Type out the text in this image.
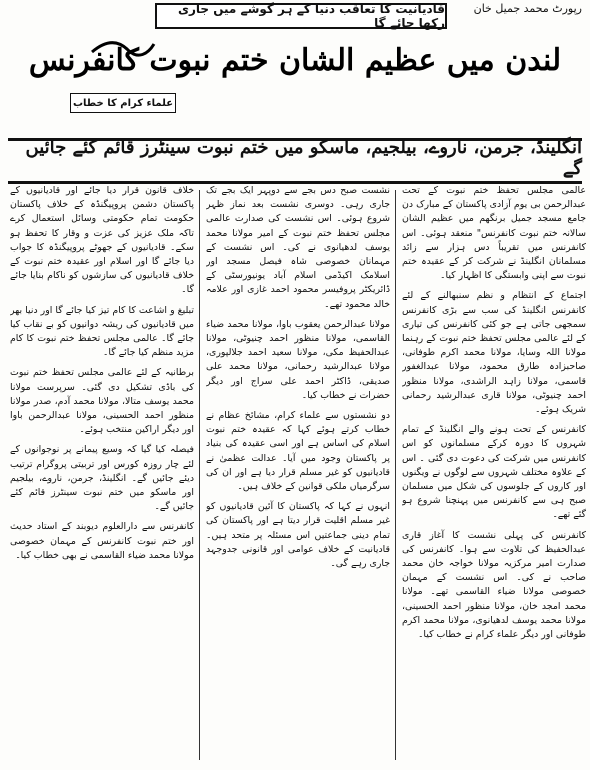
رپورٹ محمد جمیل خان
قادیانیت کا تعاقب دنیا کے ہر گوشے میں جاری رکھا جائے گا
لندن میں عظیم الشان ختم نبوت کانفرنس
علماء کرام کا خطاب
انگلینڈ، جرمن، ناروے، بیلجیم، ماسکو میں ختم نبوت سینٹرز قائم کئے جائیں گے

عالمی مجلس تحفظ ختم نبوت کے تحت عبدالرحمن بی یوم آزادی پاکستان کے مبارک دن جامع مسجد جمیل برنگھم میں عظیم الشان سالانہ ختم نبوت کانفرنس" منعقد ہوئی۔ اس کانفرنس میں تقریباً دس ہزار سے زائد مسلمانان انگلینڈ نے شرکت کر کے عقیدہ ختم نبوت سے اپنی وابستگی کا اظہار کیا۔

اجتماع کے انتظام و نظم سنبھالنے کے لئے کانفرنس انگلینڈ کی سب سے بڑی کانفرنس سمجھی جاتی ہے جو کئی کانفرنس کی تیاری کے لئے عالمی مجلس تحفظ ختم نبوت کے رہنما مولانا اللہ وسایا، مولانا محمد اکرم طوفانی، صاحبزادہ طارق محمود، مولانا عبدالغفور قاسمی، مولانا زاہد الراشدی، مولانا منظور احمد چنیوٹی، مولانا قاری عبدالرشید رحمانی شریک ہوئے۔

کانفرنس کے تحت ہونے والے انگلینڈ کے تمام شہروں کا دورہ کرکے مسلمانوں کو اس کانفرنس میں شرکت کی دعوت دی گئی ۔ اس کے علاوہ مختلف شہروں سے لوگوں نے ویگنوں اور کاروں کے جلوسوں کی شکل میں مسلمان صبح ہی سے کانفرنس میں پہنچنا شروع ہو گئے تھے۔

کانفرنس کی پہلی نشست کا آغاز قاری عبدالحفیظ کی تلاوت سے ہوا۔ کانفرنس کی صدارت امیر مرکزیہ مولانا خواجہ خان محمد صاحب نے کی۔ اس نشست کے مہمان خصوصی مولانا ضیاء القاسمی تھے۔ مولانا محمد امجد خان، مولانا منظور احمد الحسینی، مولانا محمد یوسف لدھیانوی، مولانا محمد اکرم طوفانی اور دیگر علماء کرام نے خطاب کیا۔

نشست صبح دس بجے سے دوپہر ایک بجے تک جاری رہی۔ دوسری نشست بعد نماز ظہر شروع ہوئی۔ اس نشست کی صدارت عالمی مجلس تحفظ ختم نبوت کے امیر مولانا محمد یوسف لدھیانوی نے کی۔ اس نشست کے مہمانان خصوصی شاہ فیصل مسجد اور اسلامک اکیڈمی اسلام آباد یونیورسٹی کے ڈائریکٹر پروفیسر محمود احمد غازی اور علامہ خالد محمود تھے۔

مولانا عبدالرحمن یعقوب باوا، مولانا محمد ضیاء القاسمی، مولانا منظور احمد چنیوٹی، مولانا عبدالحفیظ مکی، مولانا سعید احمد جلالپوری، مولانا عبدالرشید رحمانی، مولانا محمد علی صدیقی، ڈاکٹر احمد علی سراج اور دیگر حضرات نے خطاب کیا۔

دو نشستوں سے علماء کرام، مشائخ عظام نے خطاب کرتے ہوئے کہا کہ عقیدہ ختم نبوت اسلام کی اساس ہے اور اسی عقیدہ کی بنیاد پر پاکستان وجود میں آیا۔ عدالت عظمیٰ نے قادیانیوں کو غیر مسلم قرار دیا ہے اور ان کی سرگرمیاں ملکی قوانین کے خلاف ہیں۔

انہوں نے کہا کہ پاکستان کا آئین قادیانیوں کو غیر مسلم اقلیت قرار دیتا ہے اور پاکستان کی تمام دینی جماعتیں اس مسئلہ پر متحد ہیں۔ قادیانیت کے خلاف عوامی اور قانونی جدوجہد جاری رہے گی۔

خلاف قانون قرار دیا جائے اور قادیانیوں کے پاکستان دشمن پروپیگنڈہ کے خلاف پاکستان حکومت تمام حکومتی وسائل استعمال کرے تاکہ ملک عزیز کی عزت و وقار کا تحفظ ہو سکے۔ قادیانیوں کے جھوٹے پروپیگنڈہ کا جواب دیا جائے گا اور اسلام اور عقیدہ ختم نبوت کے خلاف قادیانیوں کی سازشوں کو ناکام بنایا جائے گا۔

تبلیغ و اشاعت کا کام تیز کیا جائے گا اور دنیا بھر میں قادیانیوں کی ریشہ دوانیوں کو بے نقاب کیا جائے گا۔ عالمی مجلس تحفظ ختم نبوت کا کام مزید منظم کیا جائے گا۔

برطانیہ کے لئے عالمی مجلس تحفظ ختم نبوت کی باڈی تشکیل دی گئی۔ سرپرست مولانا محمد یوسف متالا، مولانا محمد آدم، صدر مولانا منظور احمد الحسینی، مولانا عبدالرحمن باوا اور دیگر اراکین منتخب ہوئے۔

فیصلہ کیا گیا کہ وسیع پیمانے پر نوجوانوں کے لئے چار روزہ کورس اور تربیتی پروگرام ترتیب دیئے جائیں گے۔ انگلینڈ، جرمن، ناروے، بیلجیم اور ماسکو میں ختم نبوت سینٹرز قائم کئے جائیں گے۔

کانفرنس سے دارالعلوم دیوبند کے استاد حدیث اور ختم نبوت کانفرنس کے مہمان خصوصی مولانا محمد ضیاء القاسمی نے بھی خطاب کیا۔
